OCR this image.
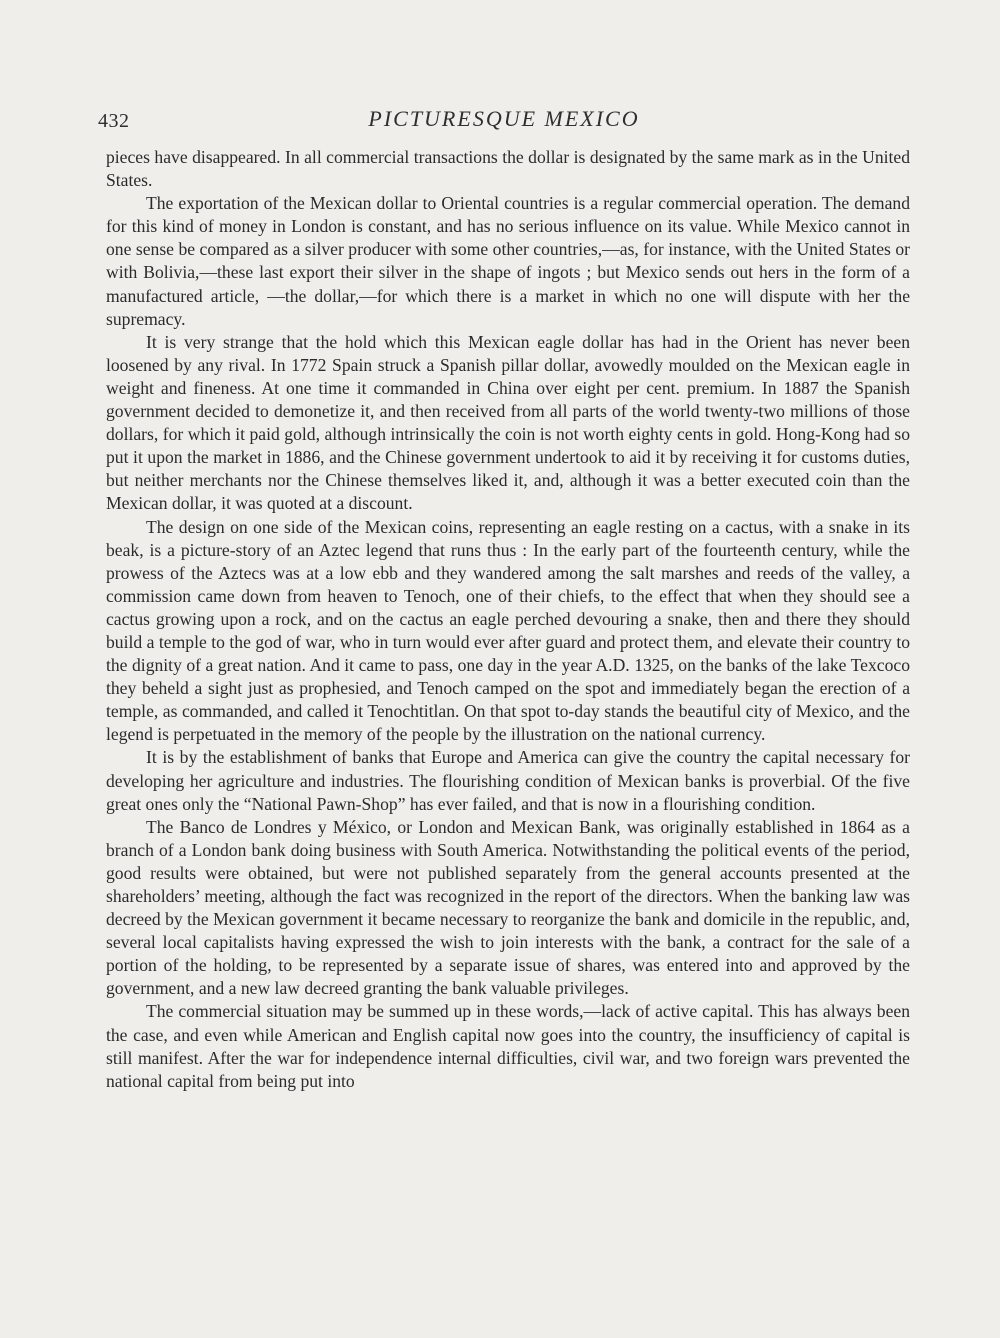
432	PICTURESQUE MEXICO

pieces have disappeared. In all commercial transactions the dollar is designated by the same mark as in the United States.

The exportation of the Mexican dollar to Oriental countries is a regular commercial operation. The demand for this kind of money in London is constant, and has no serious influence on its value. While Mexico cannot in one sense be compared as a silver producer with some other countries,—as, for instance, with the United States or with Bolivia,—these last export their silver in the shape of ingots ; but Mexico sends out hers in the form of a manufactured article, —the dollar,—for which there is a market in which no one will dispute with her the supremacy.

It is very strange that the hold which this Mexican eagle dollar has had in the Orient has never been loosened by any rival. In 1772 Spain struck a Spanish pillar dollar, avowedly moulded on the Mexican eagle in weight and fineness. At one time it commanded in China over eight per cent. premium. In 1887 the Spanish government decided to demonetize it, and then received from all parts of the world twenty-two millions of those dollars, for which it paid gold, although intrinsically the coin is not worth eighty cents in gold. Hong-Kong had so put it upon the market in 1886, and the Chinese government undertook to aid it by receiving it for customs duties, but neither merchants nor the Chinese themselves liked it, and, although it was a better executed coin than the Mexican dollar, it was quoted at a discount.

The design on one side of the Mexican coins, representing an eagle resting on a cactus, with a snake in its beak, is a picture-story of an Aztec legend that runs thus : In the early part of the fourteenth century, while the prowess of the Aztecs was at a low ebb and they wandered among the salt marshes and reeds of the valley, a commission came down from heaven to Tenoch, one of their chiefs, to the effect that when they should see a cactus growing upon a rock, and on the cactus an eagle perched devouring a snake, then and there they should build a temple to the god of war, who in turn would ever after guard and protect them, and elevate their country to the dignity of a great nation. And it came to pass, one day in the year A.D. 1325, on the banks of the lake Texcoco they beheld a sight just as prophesied, and Tenoch camped on the spot and immediately began the erection of a temple, as commanded, and called it Tenochtitlan. On that spot to-day stands the beautiful city of Mexico, and the legend is perpetuated in the memory of the people by the illustration on the national currency.

It is by the establishment of banks that Europe and America can give the country the capital necessary for developing her agriculture and industries. The flourishing condition of Mexican banks is proverbial. Of the five great ones only the “National Pawn-Shop” has ever failed, and that is now in a flourishing condition.

The Banco de Londres y México, or London and Mexican Bank, was originally established in 1864 as a branch of a London bank doing business with South America. Notwithstanding the political events of the period, good results were obtained, but were not published separately from the general accounts presented at the shareholders’ meeting, although the fact was recognized in the report of the directors. When the banking law was decreed by the Mexican government it became necessary to reorganize the bank and domicile in the republic, and, several local capitalists having expressed the wish to join interests with the bank, a contract for the sale of a portion of the holding, to be represented by a separate issue of shares, was entered into and approved by the government, and a new law decreed granting the bank valuable privileges.

The commercial situation may be summed up in these words,—lack of active capital. This has always been the case, and even while American and English capital now goes into the country, the insufficiency of capital is still manifest. After the war for independence internal difficulties, civil war, and two foreign wars prevented the national capital from being put into
